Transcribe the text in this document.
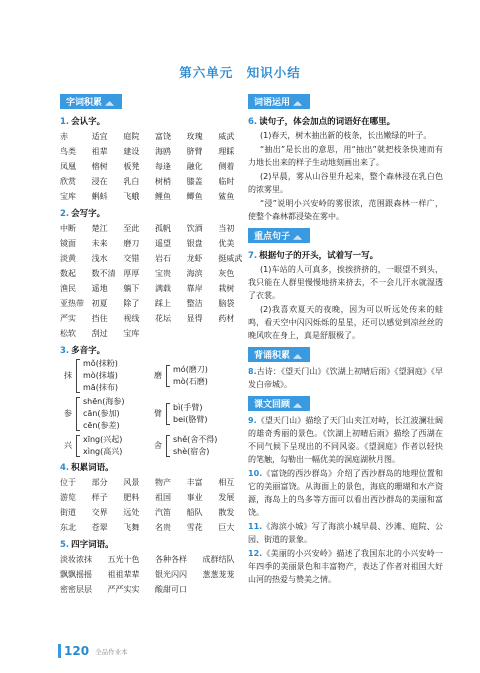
第六单元　知识小结
字词积累 ◢◣
1. 会认字。
赤	适宜	庭院	富饶	玫瑰	威武
鸟类	祖辈	建设	海鸥	脐臂	理睬
凤凰	榕树	板凳	每逢	融化	侧着
欣赏	浸在	乳白	树梢	膝盖	临时
宝库	蝌蚪	飞蛾	鲤鱼	鲫鱼	鲨鱼
2. 会写字。
中断	楚江	至此	孤帆	饮酒	当初
镜面	未来	磨刀	遥望	银盘	优美
淡黄	浅水	交错	岩石	龙虾	挺威武
数起	数不清 厚厚	宝贵	海滨	灰色
渔民	遥地	躺下	满载	靠岸	栽树
亚热带 初夏	除了	踩上	整洁	脑袋
严实	挡住	视线	花坛	显得	药材
松软	刮过	宝库
3. 多音字。
抹
mǒ(抹粉)
mò(抹墙)
mā(抹布)
磨
mó(磨刀)
mò(石磨)
参
shēn(海参)
cān(参加)
cēn(参差)
臂
bì(手臂)
bei(胳臂)
兴
xīng(兴起)
xìng(高兴)
舍
shě(舍不得)
shè(宿舍)
4. 积累词语。
位于	部分	风景	物产	丰富	相互
游览	样子	肥料	祖国	事业	发展
街道	交界	远处	汽笛	船队	散发
东北	苍翠	飞舞	名贵	雪花	巨大
5. 四字词语。
淡妆浓抹	五光十色	各种各样	成群结队
飘飘摇摇	祖祖辈辈	银光闪闪	葱葱茏茏
密密层层	严严实实	酸甜可口
词语运用 ◢◣
6. 读句子，体会加点的词语好在哪里。
(1)春天，树木抽出新的枝条，长出嫩绿的叶子。
“抽出”是长出的意思，用“抽出”就把枝条快速而有力地长出来的样子生动地刻画出来了。
(2)早晨，雾从山谷里升起来，整个森林浸在乳白色的浓雾里。
“浸”说明小兴安岭的雾很浓，范围跟森林一样广，使整个森林都浸染在雾中。
重点句子 ◢◣
7. 根据句子的开头，试着写一写。
(1)车站的人可真多，挨挨挤挤的，一眼望不到头，我只能在人群里慢慢地挤来挤去，不一会儿汗水就湿透了衣裳。
(2)我喜欢夏天的夜晚，因为可以听远处传来的蛙鸣，看天空中闪闪烁烁的星星，还可以感觉到凉丝丝的晚风吹在身上，真是舒服极了。
背诵积累 ◢◣
8.古诗：《望天门山》《饮湖上初晴后雨》《望洞庭》《早发白帝城》。
课文回顾 ◢◣
9.《望天门山》描绘了天门山夹江对峙，长江波澜壮阔的雄奇秀丽的景色。《饮湖上初晴后雨》描绘了西湖在不同气候下呈现出的不同风姿。《望洞庭》作者以轻快的笔触，勾勒出一幅优美的洞庭湖秋月图。
10.《富饶的西沙群岛》介绍了西沙群岛的地理位置和它的美丽富饶。从海面上的景色，海底的珊瑚和水产资源，海岛上的鸟多等方面可以看出西沙群岛的美丽和富饶。
11.《海滨小城》写了海滨小城早晨、沙滩、庭院、公园、街道的景象。
12.《美丽的小兴安岭》描述了我国东北的小兴安岭一年四季的美丽景色和丰富物产，表达了作者对祖国大好山河的热爱与赞美之情。
120 全品作业本
